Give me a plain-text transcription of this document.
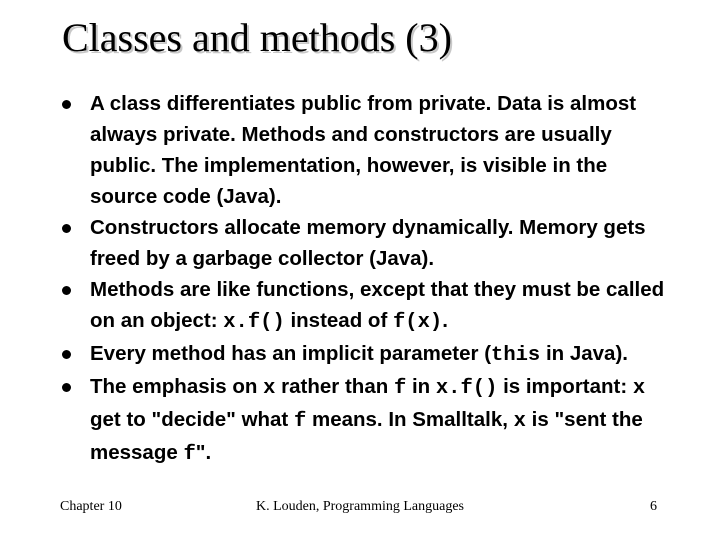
Classes and methods (3)
A class differentiates public from private. Data is almost always private. Methods and constructors are usually public. The implementation, however, is visible in the source code (Java).
Constructors allocate memory dynamically. Memory gets freed by a garbage collector (Java).
Methods are like functions, except that they must be called on an object: x.f() instead of f(x).
Every method has an implicit parameter (this in Java).
The emphasis on x rather than f in x.f() is important: x get to "decide" what f means. In Smalltalk, x is "sent the message f".
Chapter 10	K. Louden, Programming Languages	6
